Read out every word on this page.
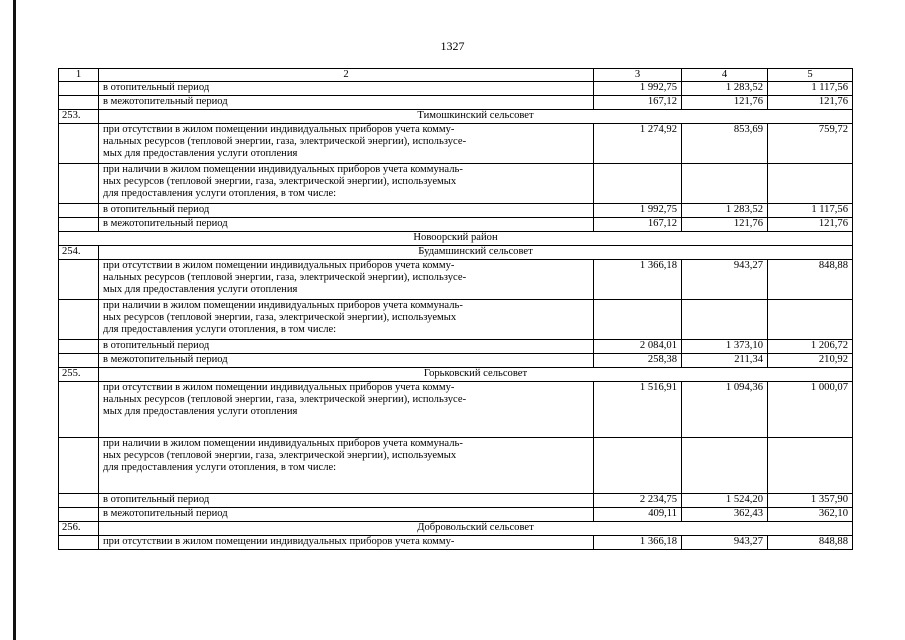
1327
1	2	3	4	5
	в отопительный период	1 992,75	1 283,52	1 117,56
	в межотопительный период	167,12	121,76	121,76
253.	Тимошкинский сельсовет			

	при отсутствии в жилом помещении индивидуальных приборов учета комму-
нальных ресурсов (тепловой энергии, газа, электрической энергии), использусе-
мых для предоставления услуги отопления	1 274,92	853,69	759,72

	при наличии в жилом помещении индивидуальных приборов учета коммуналь-
ных ресурсов (тепловой энергии, газа, электрической энергии), используемых
для предоставления услуги отопления, в том числе:			

	в отопительный период	1 992,75	1 283,52	1 117,56
	в межотопительный период	167,12	121,76	121,76
Новоорский район				
254.	Будамшинский сельсовет			

	при отсутствии в жилом помещении индивидуальных приборов учета комму-
нальных ресурсов (тепловой энергии, газа, электрической энергии), использусе-
мых для предоставления услуги отопления	1 366,18	943,27	848,88

	при наличии в жилом помещении индивидуальных приборов учета коммуналь-
ных ресурсов (тепловой энергии, газа, электрической энергии), используемых
для предоставления услуги отопления, в том числе:			

	в отопительный период	2 084,01	1 373,10	1 206,72
	в межотопительный период	258,38	211,34	210,92
255.	Горьковский сельсовет			

	при отсутствии в жилом помещении индивидуальных приборов учета комму-
нальных ресурсов (тепловой энергии, газа, электрической энергии), использусе-
мых для предоставления услуги отопления	1 516,91	1 094,36	1 000,07

	при наличии в жилом помещении индивидуальных приборов учета коммуналь-
ных ресурсов (тепловой энергии, газа, электрической энергии), используемых
для предоставления услуги отопления, в том числе:			

	в отопительный период	2 234,75	1 524,20	1 357,90
	в межотопительный период	409,11	362,43	362,10
256.	Добровольский сельсовет			
	при отсутствии в жилом помещении индивидуальных приборов учета комму-	1 366,18	943,27	848,88
